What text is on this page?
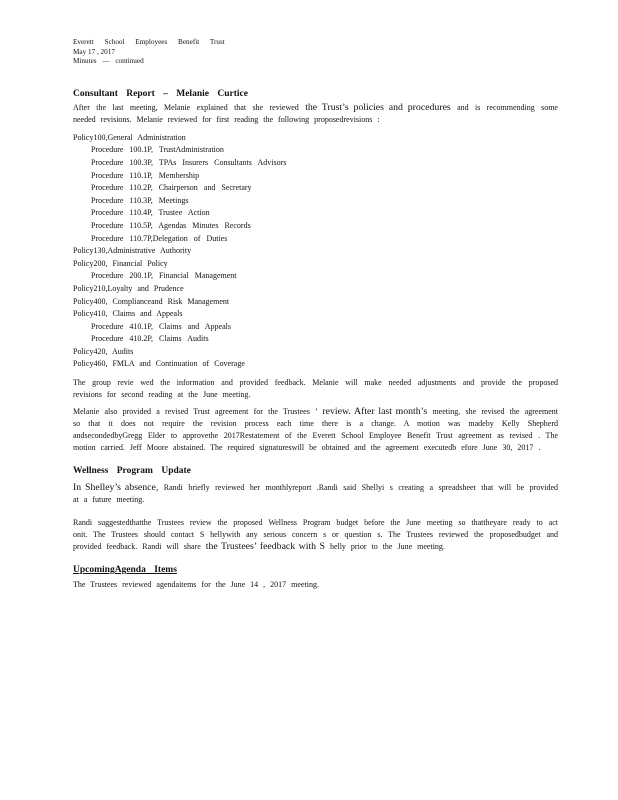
Everett School Employees Benefit Trust
May 17 , 2017
Minutes — continued
Consultant Report – Melanie Curtice

After the last meeting, Melanie explained that she reviewed the Trust’s policies and procedures and is recommending some needed revisions. Melanie reviewed for first reading the following proposedrevisions :

Policy100,General Administration
Procedure 100.1P, TrustAdministration
Procedure 100.3P, TPAs Insurers Consultants Advisors
Procedure 110.1P, Membership
Procedure 110.2P, Chairperson and Secretary
Procedure 110.3P, Meetings
Procedure 110.4P, Trustee Action
Procedure 110.5P, Agendas Minutes Records
Procedure 110.7P,Delegation of Duties
Policy130,Administrative Authority
Policy200, Financial Policy
Procedure 200.1P, Financial Management
Policy210,Loyalty and Prudence
Policy400, Complianceand Risk Management
Policy410, Claims and Appeals
Procedure 410.1P, Claims and Appeals
Procedure 410.2P, Claims Audits
Policy420, Audits
Policy460, FMLA and Continuation of Coverage

The group revie wed the information and provided feedback. Melanie will make needed adjustments and provide the proposed revisions for second reading at the June meeting.

Melanie also provided a revised Trust agreement for the Trustees ’ review. After last month’s meeting, she revised the agreement so that it does not require the revision process each time there is a change. A motion was madeby Kelly Shepherd andsecondedbyGregg Elder to approvethe 2017Restatement of the Everett School Employee Benefit Trust agreement as revised . The motion carried. Jeff Moore abstained. The required signatureswill be obtained and the agreement executedb efore June 30, 2017 .

Wellness Program Update

In Shelley’s absence, Randi briefly reviewed her monthlyreport .Randi said Shellyi s creating a spreadsheet that will be provided at a future meeting.

Randi suggestedthatthe Trustees review the proposed Wellness Program budget before the June meeting so thattheyare ready to act onit. The Trustees should contact S hellywith any serious concern s or question s. The Trustees reviewed the proposedbudget and provided feedback. Randi will share the Trustees’ feedback with S helly prior to the June meeting.

UpcomingAgenda Items

The Trustees reviewed agendaitems for the June 14 , 2017 meeting.
